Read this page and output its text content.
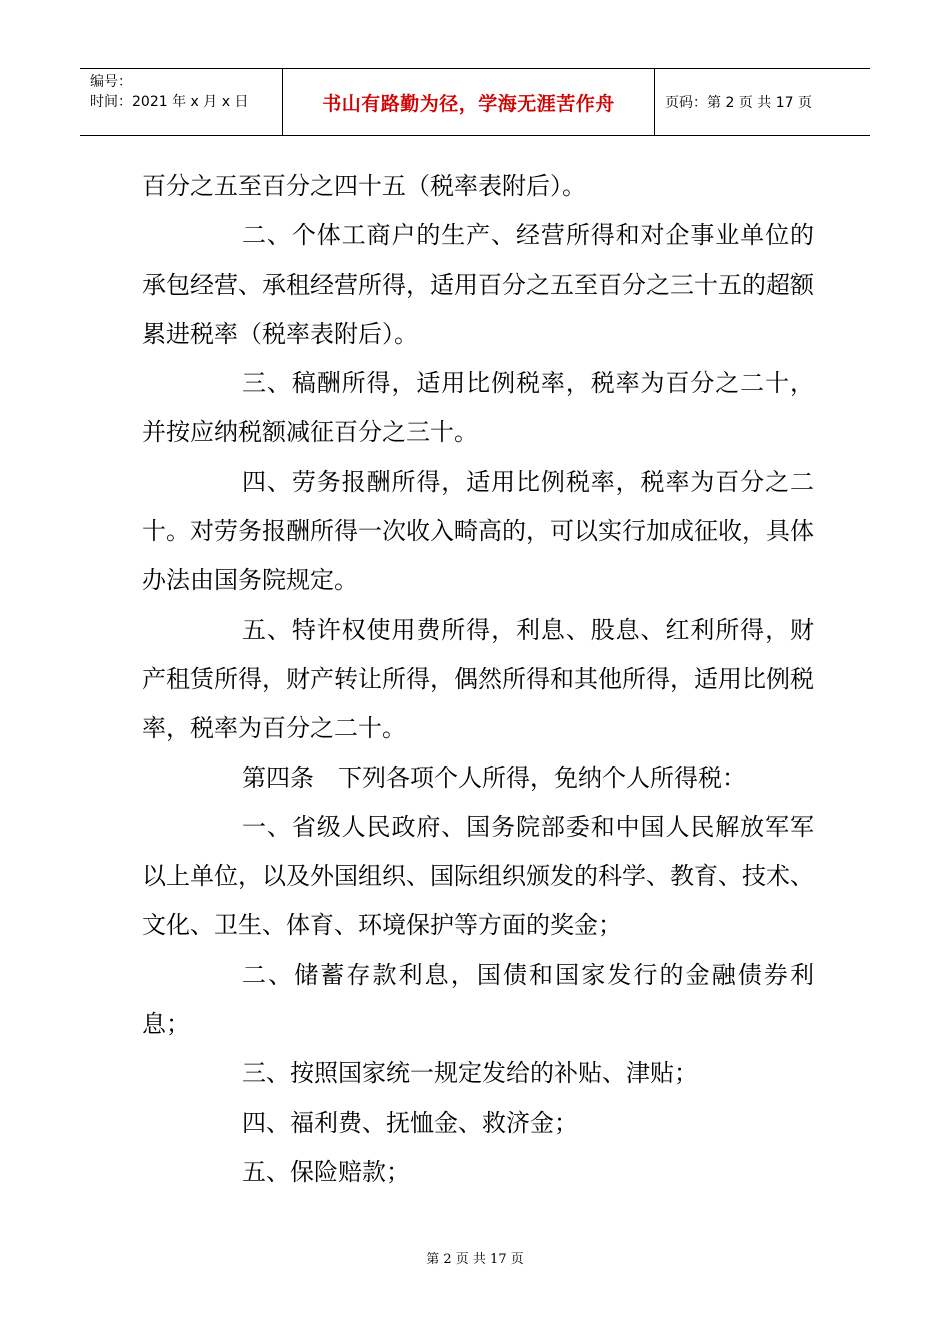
编号：
时间：2021 年 x 月 x 日	书山有路勤为径，学海无涯苦作舟	页码：第 2 页 共 17 页

百分之五至百分之四十五（税率表附后）。

二、个体工商户的生产、经营所得和对企事业单位的承包经营、承租经营所得，适用百分之五至百分之三十五的超额累进税率（税率表附后）。

三、稿酬所得，适用比例税率，税率为百分之二十，并按应纳税额减征百分之三十。

四、劳务报酬所得，适用比例税率，税率为百分之二十。对劳务报酬所得一次收入畸高的，可以实行加成征收，具体办法由国务院规定。

五、特许权使用费所得，利息、股息、红利所得，财产租赁所得，财产转让所得，偶然所得和其他所得，适用比例税率，税率为百分之二十。

第四条　下列各项个人所得，免纳个人所得税：

一、省级人民政府、国务院部委和中国人民解放军军以上单位，以及外国组织、国际组织颁发的科学、教育、技术、文化、卫生、体育、环境保护等方面的奖金；

二、储蓄存款利息，国债和国家发行的金融债券利息；

三、按照国家统一规定发给的补贴、津贴；

四、福利费、抚恤金、救济金；

五、保险赔款；

第 2 页 共 17 页
